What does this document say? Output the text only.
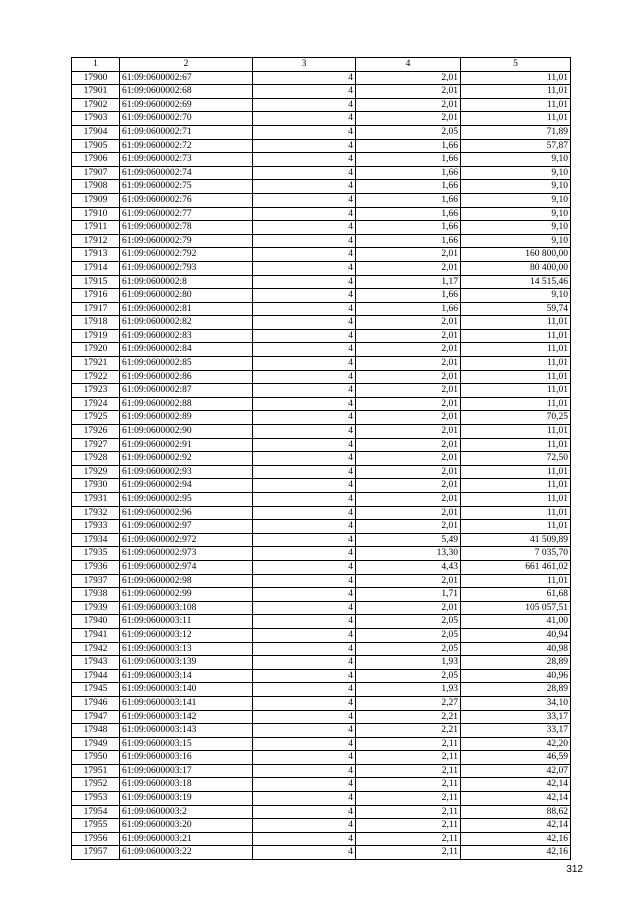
1	2	3	4	5
17900	61:09:0600002:67	4	2,01	11,01
17901	61:09:0600002:68	4	2,01	11,01
17902	61:09:0600002:69	4	2,01	11,01
17903	61:09:0600002:70	4	2,01	11,01
17904	61:09:0600002:71	4	2,05	71,89
17905	61:09:0600002:72	4	1,66	57,87
17906	61:09:0600002:73	4	1,66	9,10
17907	61:09:0600002:74	4	1,66	9,10
17908	61:09:0600002:75	4	1,66	9,10
17909	61:09:0600002:76	4	1,66	9,10
17910	61:09:0600002:77	4	1,66	9,10
17911	61:09:0600002:78	4	1,66	9,10
17912	61:09:0600002:79	4	1,66	9,10
17913	61:09:0600002:792	4	2,01	160 800,00
17914	61:09:0600002:793	4	2,01	80 400,00
17915	61:09:0600002:8	4	1,17	14 515,46
17916	61:09:0600002:80	4	1,66	9,10
17917	61:09:0600002:81	4	1,66	59,74
17918	61:09:0600002:82	4	2,01	11,01
17919	61:09:0600002:83	4	2,01	11,01
17920	61:09:0600002:84	4	2,01	11,01
17921	61:09:0600002:85	4	2,01	11,01
17922	61:09:0600002:86	4	2,01	11,01
17923	61:09:0600002:87	4	2,01	11,01
17924	61:09:0600002:88	4	2,01	11,01
17925	61:09:0600002:89	4	2,01	70,25
17926	61:09:0600002:90	4	2,01	11,01
17927	61:09:0600002:91	4	2,01	11,01
17928	61:09:0600002:92	4	2,01	72,50
17929	61:09:0600002:93	4	2,01	11,01
17930	61:09:0600002:94	4	2,01	11,01
17931	61:09:0600002:95	4	2,01	11,01
17932	61:09:0600002:96	4	2,01	11,01
17933	61:09:0600002:97	4	2,01	11,01
17934	61:09:0600002:972	4	5,49	41 509,89
17935	61:09:0600002:973	4	13,30	7 035,70
17936	61:09:0600002:974	4	4,43	661 461,02
17937	61:09:0600002:98	4	2,01	11,01
17938	61:09:0600002:99	4	1,71	61,68
17939	61:09:0600003:108	4	2,01	105 057,51
17940	61:09:0600003:11	4	2,05	41,00
17941	61:09:0600003:12	4	2,05	40,94
17942	61:09:0600003:13	4	2,05	40,98
17943	61:09:0600003:139	4	1,93	28,89
17944	61:09:0600003:14	4	2,05	40,96
17945	61:09:0600003:140	4	1,93	28,89
17946	61:09:0600003:141	4	2,27	34,10
17947	61:09:0600003:142	4	2,21	33,17
17948	61:09:0600003:143	4	2,21	33,17
17949	61:09:0600003:15	4	2,11	42,20
17950	61:09:0600003:16	4	2,11	46,59
17951	61:09:0600003:17	4	2,11	42,07
17952	61:09:0600003:18	4	2,11	42,14
17953	61:09:0600003:19	4	2,11	42,14
17954	61:09:0600003:2	4	2,11	88,62
17955	61:09:0600003:20	4	2,11	42,14
17956	61:09:0600003:21	4	2,11	42,16
17957	61:09:0600003:22	4	2,11	42,16
312
